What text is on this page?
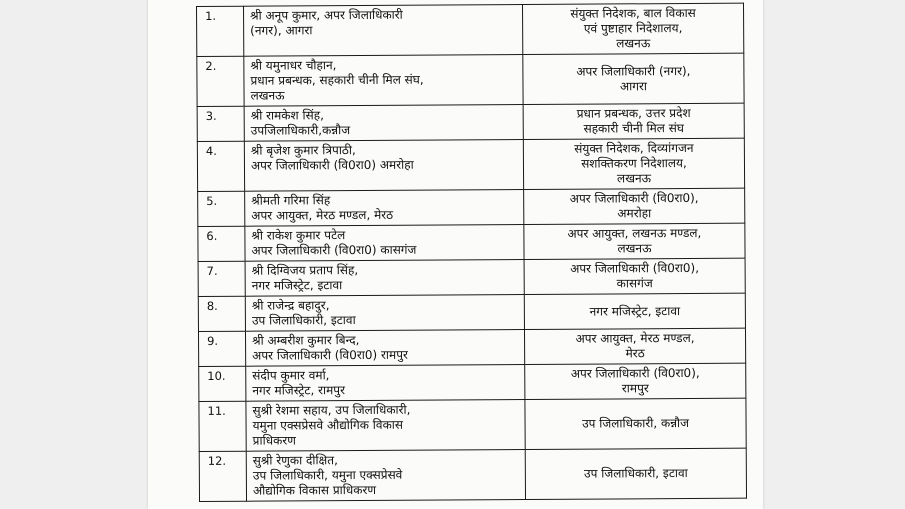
1.	श्री अनूप कुमार, अपर जिलाधिकारी
(नगर), आगरा	संयुक्त निदेशक, बाल विकास
एवं पुष्टाहार निदेशालय,
लखनऊ

2.	श्री यमुनाधर चौहान,
प्रधान प्रबन्धक, सहकारी चीनी मिल संघ,
लखनऊ	अपर जिलाधिकारी (नगर),
आगरा

3.	श्री रामकेश सिंह,
उपजिलाधिकारी,कन्नौज	प्रधान प्रबन्धक, उत्तर प्रदेश
सहकारी चीनी मिल संघ

4.	श्री बृजेश कुमार त्रिपाठी,
अपर जिलाधिकारी (वि0रा0) अमरोहा	संयुक्त निदेशक, दिव्यांगजन
सशक्तिकरण निदेशालय,
लखनऊ

5.	श्रीमती गरिमा सिंह
अपर आयुक्त, मेरठ मण्डल, मेरठ	अपर जिलाधिकारी (वि0रा0),
अमरोहा

6.	श्री राकेश कुमार पटेल
अपर जिलाधिकारी (वि0रा0) कासगंज	अपर आयुक्त, लखनऊ मण्डल,
लखनऊ

7.	श्री दिग्विजय प्रताप सिंह,
नगर मजिस्ट्रेट, इटावा	अपर जिलाधिकारी (वि0रा0),
कासगंज

8.	श्री राजेन्द्र बहादुर,
उप जिलाधिकारी, इटावा	नगर मजिस्ट्रेट, इटावा

9.	श्री अम्बरीश कुमार बिन्द,
अपर जिलाधिकारी (वि0रा0) रामपुर	अपर आयुक्त, मेरठ मण्डल,
मेरठ

10.	संदीप कुमार वर्मा,
नगर मजिस्ट्रेट, रामपुर	अपर जिलाधिकारी (वि0रा0),
रामपुर

11.	सुश्री रेशमा सहाय, उप जिलाधिकारी,
यमुना एक्सप्रेसवे औद्योगिक विकास
प्राधिकरण	उप जिलाधिकारी, कन्नौज

12.	सुश्री रेणुका दीक्षित,
उप जिलाधिकारी, यमुना एक्सप्रेसवे
औद्योगिक विकास प्राधिकरण	उप जिलाधिकारी, इटावा
